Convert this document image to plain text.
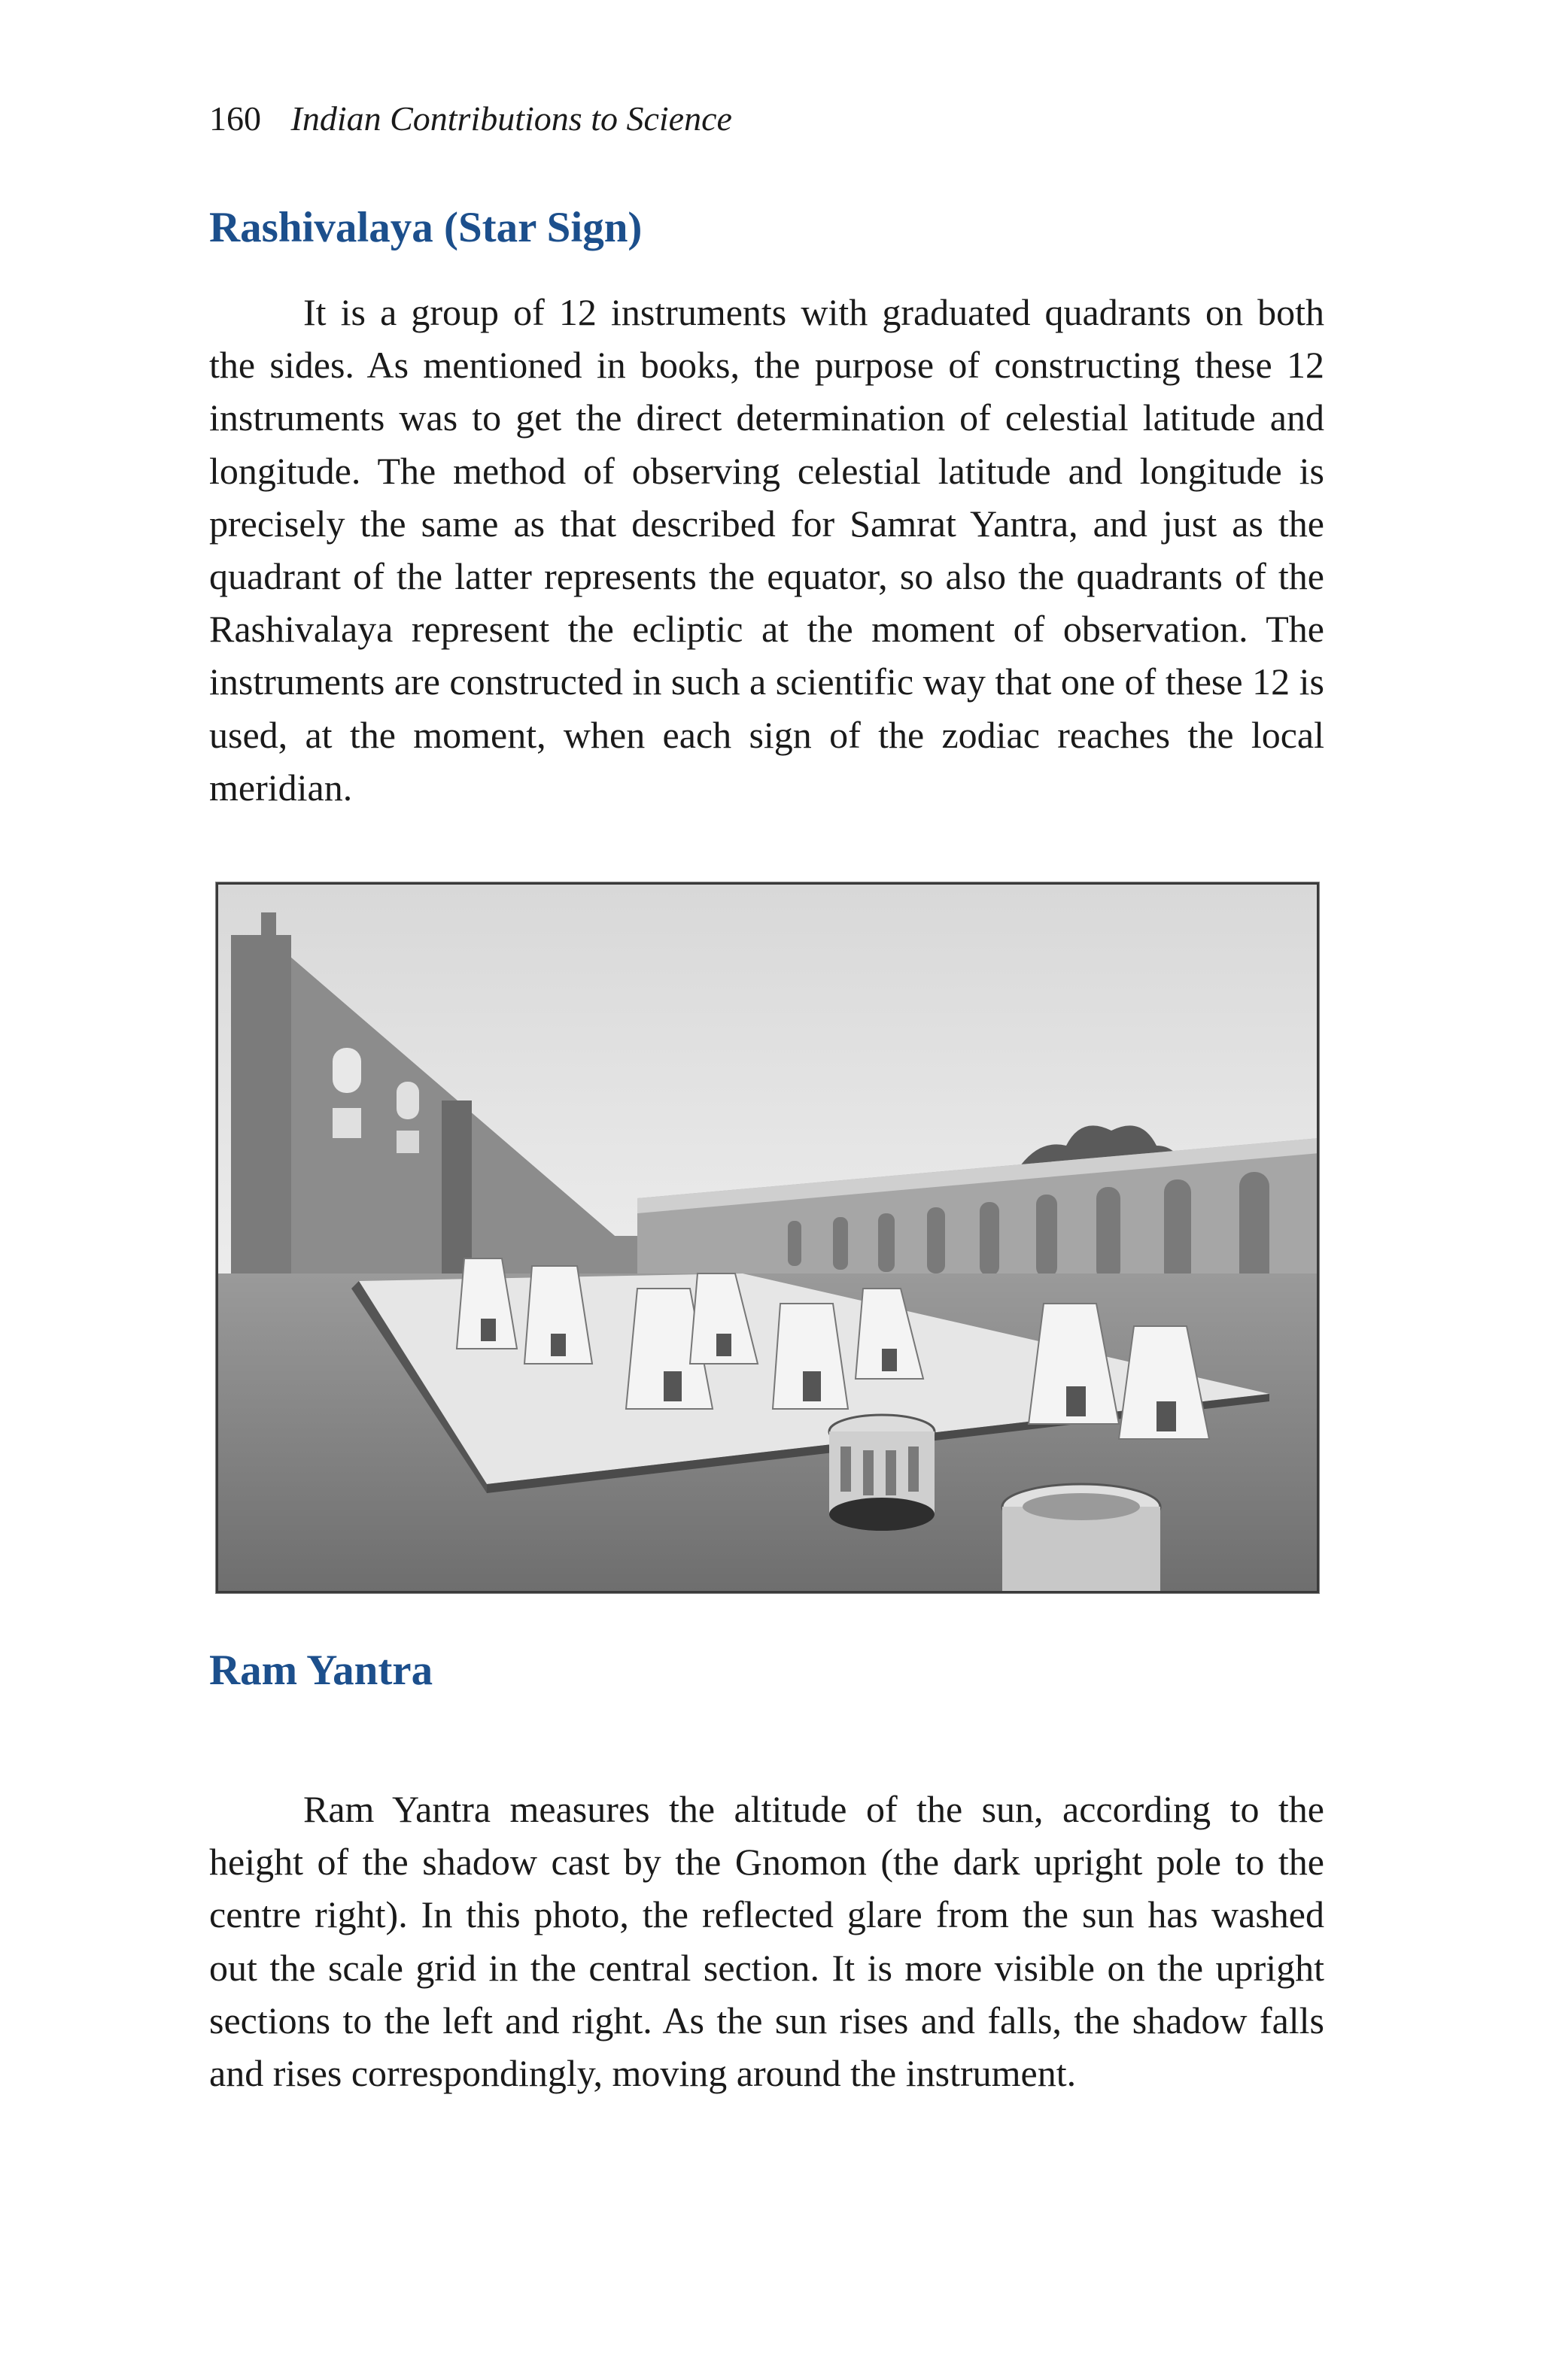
160 Indian Contributions to Science
Rashivalaya (Star Sign)

It is a group of 12 instruments with graduated quadrants on both the sides. As mentioned in books, the purpose of constructing these 12 instruments was to get the direct determination of celestial latitude and longitude. The method of observing celestial latitude and longitude is precisely the same as that described for Samrat Yantra, and just as the quadrant of the latter represents the equator, so also the quadrants of the Rashivalaya represent the ecliptic at the moment of observation. The instruments are constructed in such a scientific way that one of these 12 is used, at the moment, when each sign of the zodiac reaches the local meridian.

Ram Yantra

Ram Yantra measures the altitude of the sun, according to the height of the shadow cast by the Gnomon (the dark upright pole to the centre right). In this photo, the reflected glare from the sun has washed out the scale grid in the central section. It is more visible on the upright sections to the left and right. As the sun rises and falls, the shadow falls and rises correspondingly, moving around the instrument.
